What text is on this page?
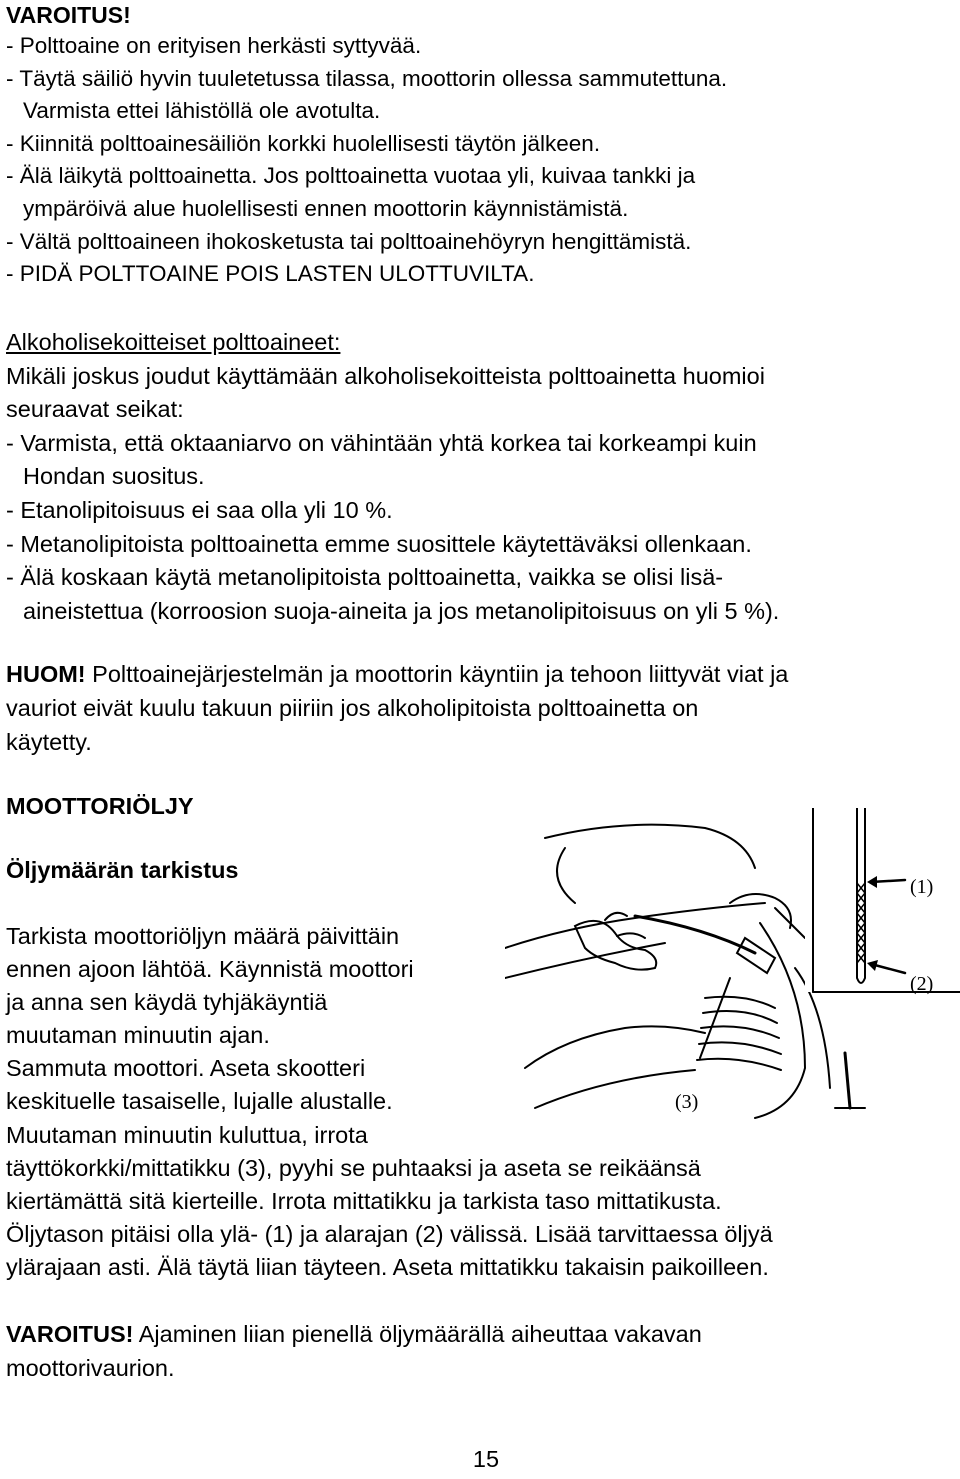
VAROITUS!
- Polttoaine on erityisen herkästi syttyvää.
- Täytä säiliö hyvin tuuletetussa tilassa, moottorin ollessa sammutettuna.
Varmista ettei lähistöllä ole avotulta.
- Kiinnitä polttoainesäiliön korkki huolellisesti täytön jälkeen.
- Älä läikytä polttoainetta. Jos polttoainetta vuotaa yli, kuivaa tankki ja
ympäröivä alue huolellisesti ennen moottorin käynnistämistä.
- Vältä polttoaineen ihokosketusta tai polttoainehöyryn hengittämistä.
- PIDÄ POLTTOAINE POIS LASTEN ULOTTUVILTA.
Alkoholisekoitteiset polttoaineet:
Mikäli joskus joudut käyttämään alkoholisekoitteista polttoainetta huomioi
seuraavat seikat:
- Varmista, että oktaaniarvo on vähintään yhtä korkea tai korkeampi kuin
Hondan suositus.
- Etanolipitoisuus ei saa olla yli 10 %.
- Metanolipitoista polttoainetta emme suosittele käytettäväksi ollenkaan.
- Älä koskaan käytä metanolipitoista polttoainetta, vaikka se olisi lisä-
aineistettua (korroosion suoja-aineita ja jos metanolipitoisuus on yli 5 %).
HUOM! Polttoainejärjestelmän ja moottorin käyntiin ja tehoon liittyvät viat ja
vauriot eivät kuulu takuun piiriin jos alkoholipitoista polttoainetta on
käytetty.
MOOTTORIÖLJY
Öljymäärän tarkistus
Tarkista moottoriöljyn määrä päivittäin
ennen ajoon lähtöä. Käynnistä moottori
ja anna sen käydä tyhjäkäyntiä
muutaman minuutin ajan.
Sammuta moottori. Aseta skootteri
keskituelle tasaiselle, lujalle alustalle.
Muutaman minuutin kuluttua, irrota
täyttökorkki/mittatikku (3), pyyhi se puhtaaksi ja aseta se reikäänsä
kiertämättä sitä kierteille. Irrota mittatikku ja tarkista taso mittatikusta.
Öljytason pitäisi olla ylä- (1) ja alarajan (2) välissä. Lisää tarvittaessa öljyä
ylärajaan asti. Älä täytä liian täyteen. Aseta mittatikku takaisin paikoilleen.
VAROITUS! Ajaminen liian pienellä öljymäärällä aiheuttaa vakavan
moottorivaurion.
15
(1)
(2)
(3)
